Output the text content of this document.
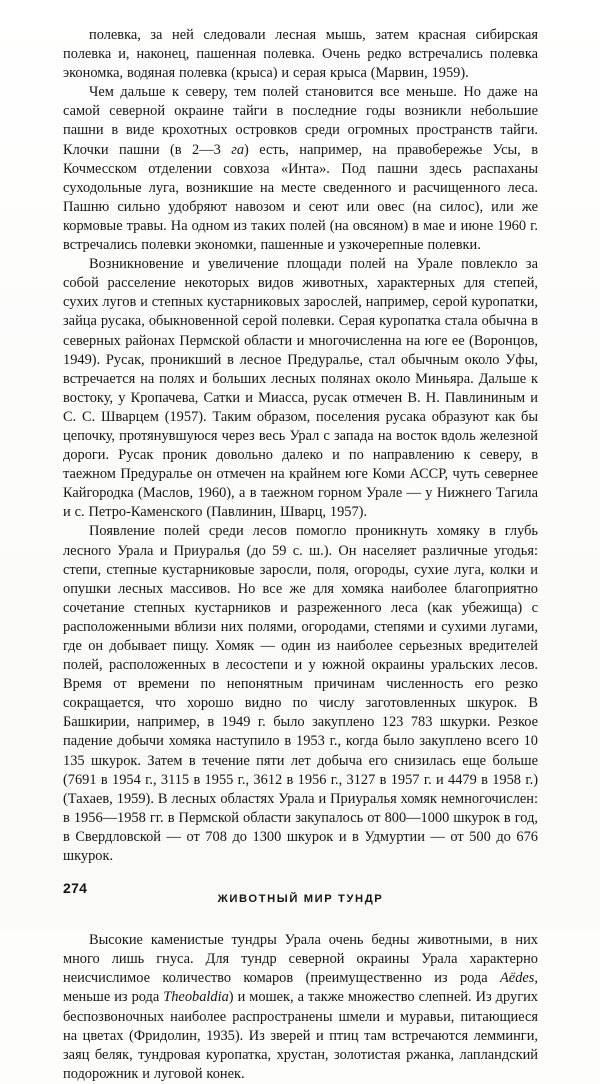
полевка, за ней следовали лесная мышь, затем красная сибирская полевка и, наконец, пашенная полевка. Очень редко встречались полевка экономка, водяная полевка (крыса) и серая крыса (Марвин, 1959).

Чем дальше к северу, тем полей становится все меньше. Но даже на самой северной окраине тайги в последние годы возникли небольшие пашни в виде крохотных островков среди огромных пространств тайги. Клочки пашни (в 2—3 га) есть, например, на правобережье Усы, в Кочмесском отделении совхоза «Инта». Под пашни здесь распаханы суходольные луга, возникшие на месте сведенного и расчищенного леса. Пашню сильно удобряют навозом и сеют или овес (на силос), или же кормовые травы. На одном из таких полей (на овсяном) в мае и июне 1960 г. встречались полевки экономки, пашенные и узкочерепные полевки.

Возникновение и увеличение площади полей на Урале повлекло за собой расселение некоторых видов животных, характерных для степей, сухих лугов и степных кустарниковых зарослей, например, серой куропатки, зайца русака, обыкновенной серой полевки. Серая куропатка стала обычна в северных районах Пермской области и многочисленна на юге ее (Воронцов, 1949). Русак, проникший в лесное Предуралье, стал обычным около Уфы, встречается на полях и больших лесных полянах около Миньяра. Дальше к востоку, у Кропачева, Сатки и Миасса, русак отмечен В. Н. Павлининым и С. С. Шварцем (1957). Таким образом, поселения русака образуют как бы цепочку, протянувшуюся через весь Урал с запада на восток вдоль железной дороги. Русак проник довольно далеко и по направлению к северу, в таежном Предуралье он отмечен на крайнем юге Коми АССР, чуть севернее Кайгородка (Маслов, 1960), а в таежном горном Урале — у Нижнего Тагила и с. Петро-Каменского (Павлинин, Шварц, 1957).

Появление полей среди лесов помогло проникнуть хомяку в глубь лесного Урала и Приуралья (до 59 с. ш.). Он населяет различные угодья: степи, степные кустарниковые заросли, поля, огороды, сухие луга, колки и опушки лесных массивов. Но все же для хомяка наиболее благоприятно сочетание степных кустарников и разреженного леса (как убежища) с расположенными вблизи них полями, огородами, степями и сухими лугами, где он добывает пищу. Хомяк — один из наиболее серьезных вредителей полей, расположенных в лесостепи и у южной окраины уральских лесов. Время от времени по непонятным причинам численность его резко сокращается, что хорошо видно по числу заготовленных шкурок. В Башкирии, например, в 1949 г. было закуплено 123 783 шкурки. Резкое падение добычи хомяка наступило в 1953 г., когда было закуплено всего 10 135 шкурок. Затем в течение пяти лет добыча его снизилась еще больше (7691 в 1954 г., 3115 в 1955 г., 3612 в 1956 г., 3127 в 1957 г. и 4479 в 1958 г.) (Тахаев, 1959). В лесных областях Урала и Приуралья хомяк немногочислен: в 1956—1958 гг. в Пермской области закупалось от 800—1000 шкурок в год, в Свердловской — от 708 до 1300 шкурок и в Удмуртии — от 500 до 676 шкурок.

ЖИВОТНЫЙ МИР ТУНДР

Высокие каменистые тундры Урала очень бедны животными, в них много лишь гнуса. Для тундр северной окраины Урала характерно неисчислимое количество комаров (преимущественно из рода Aëdes, меньше из рода Theobaldia) и мошек, а также множество слепней. Из других беспозвоночных наиболее распространены шмели и муравьи, питающиеся на цветах (Фридолин, 1935). Из зверей и птиц там встречаются лемминги, заяц беляк, тундровая куропатка, хрустан, золотистая ржанка, лапландский подорожник и луговой конек.

274
